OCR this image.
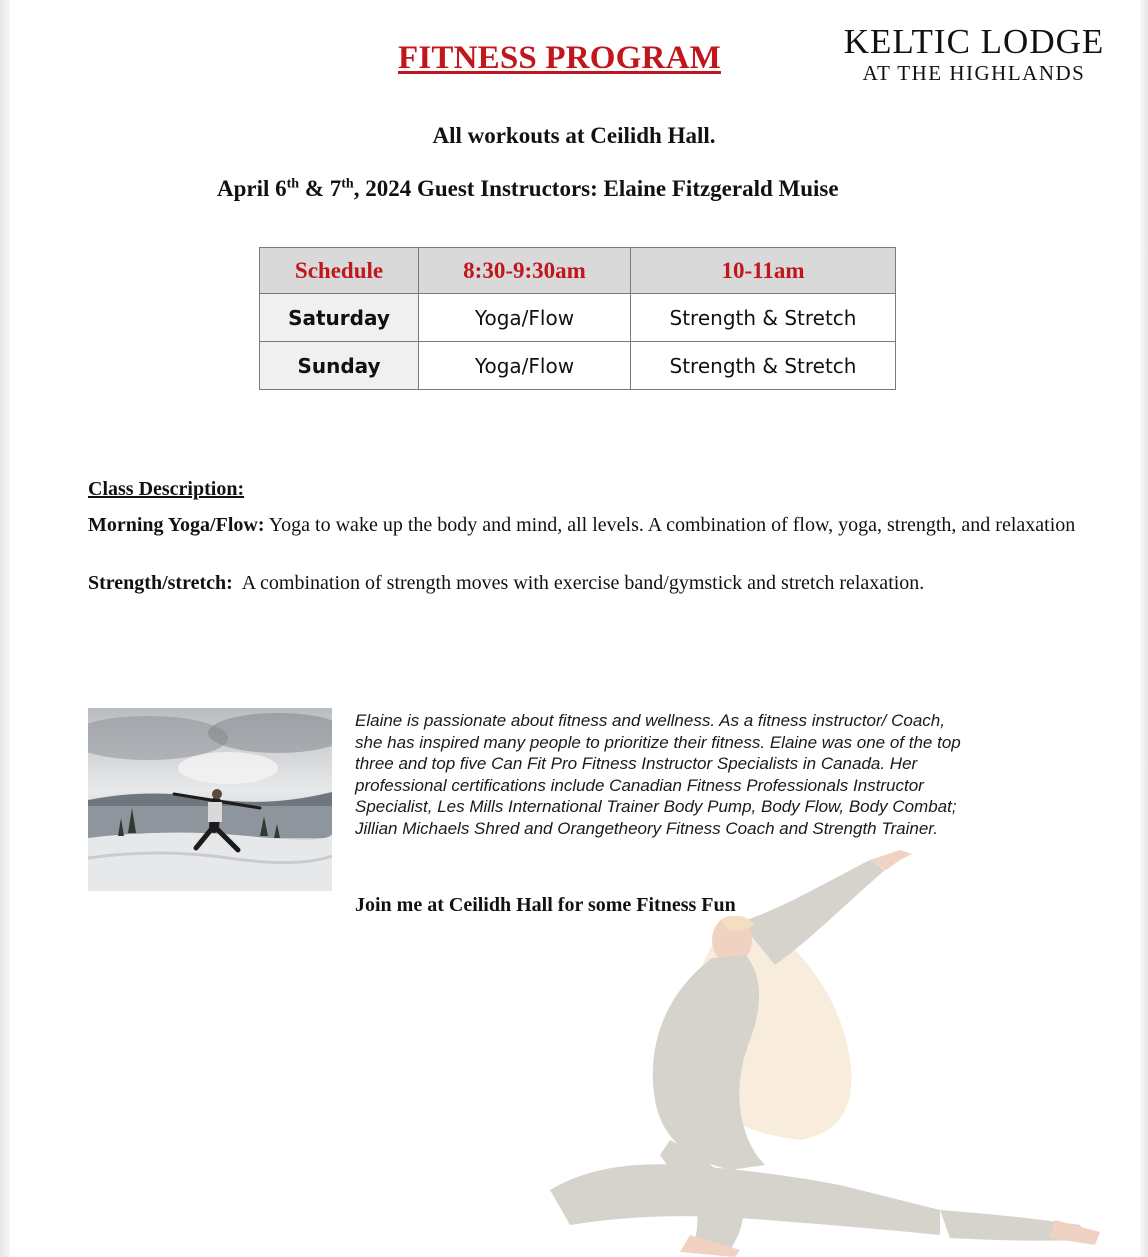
FITNESS PROGRAM	KELTIC LODGE
AT THE HIGHLANDS
All workouts at Ceilidh Hall.
April 6th & 7th, 2024 Guest Instructors: Elaine Fitzgerald Muise
Schedule	8:30-9:30am	10-11am
Saturday	Yoga/Flow	Strength & Stretch
Sunday	Yoga/Flow	Strength & Stretch
Class Description:
Morning Yoga/Flow: Yoga to wake up the body and mind, all levels. A combination of flow, yoga, strength, and relaxation
Strength/stretch:  A combination of strength moves with exercise band/gymstick and stretch relaxation.
Elaine is passionate about fitness and wellness. As a fitness instructor/ Coach, she has inspired many people to prioritize their fitness. Elaine was one of the top three and top five Can Fit Pro Fitness Instructor Specialists in Canada. Her professional certifications include Canadian Fitness Professionals Instructor Specialist, Les Mills International Trainer Body Pump, Body Flow, Body Combat; Jillian Michaels Shred and Orangetheory Fitness Coach and Strength Trainer.
Join me at Ceilidh Hall for some Fitness Fun
